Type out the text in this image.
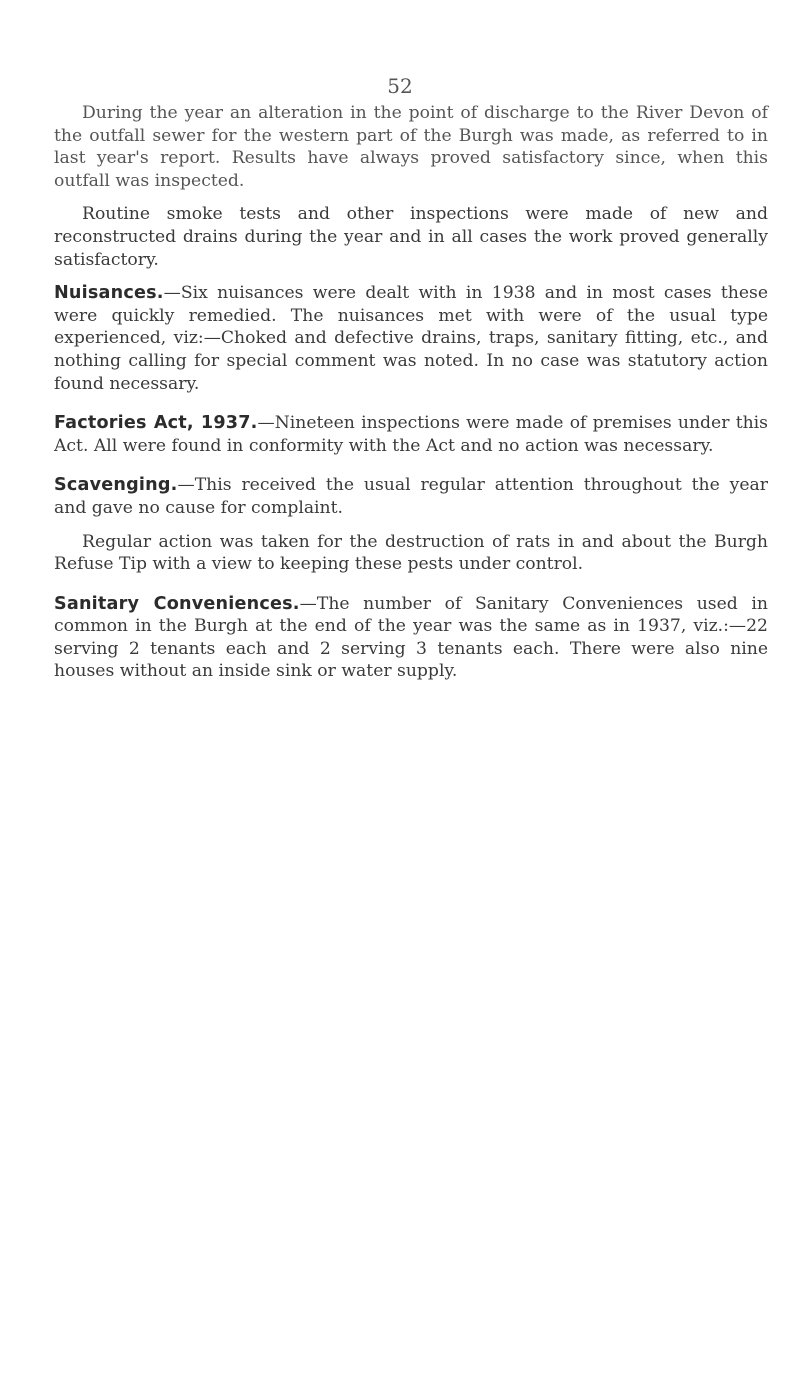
52

During the year an alteration in the point of discharge to the River Devon of the outfall sewer for the western part of the Burgh was made, as referred to in last year's report. Results have always proved satisfactory since, when this outfall was inspected.

Routine smoke tests and other inspections were made of new and reconstructed drains during the year and in all cases the work proved generally satisfactory.

Nuisances.—Six nuisances were dealt with in 1938 and in most cases these were quickly remedied. The nuisances met with were of the usual type experienced, viz:—Choked and defective drains, traps, sanitary fitting, etc., and nothing calling for special comment was noted. In no case was statutory action found necessary.

Factories Act, 1937.—Nineteen inspections were made of premises under this Act. All were found in conformity with the Act and no action was necessary.

Scavenging.—This received the usual regular attention throughout the year and gave no cause for complaint.

Regular action was taken for the destruction of rats in and about the Burgh Refuse Tip with a view to keeping these pests under control.

Sanitary Conveniences.—The number of Sanitary Conveniences used in common in the Burgh at the end of the year was the same as in 1937, viz.:—22 serving 2 tenants each and 2 serving 3 tenants each. There were also nine houses without an inside sink or water supply.
